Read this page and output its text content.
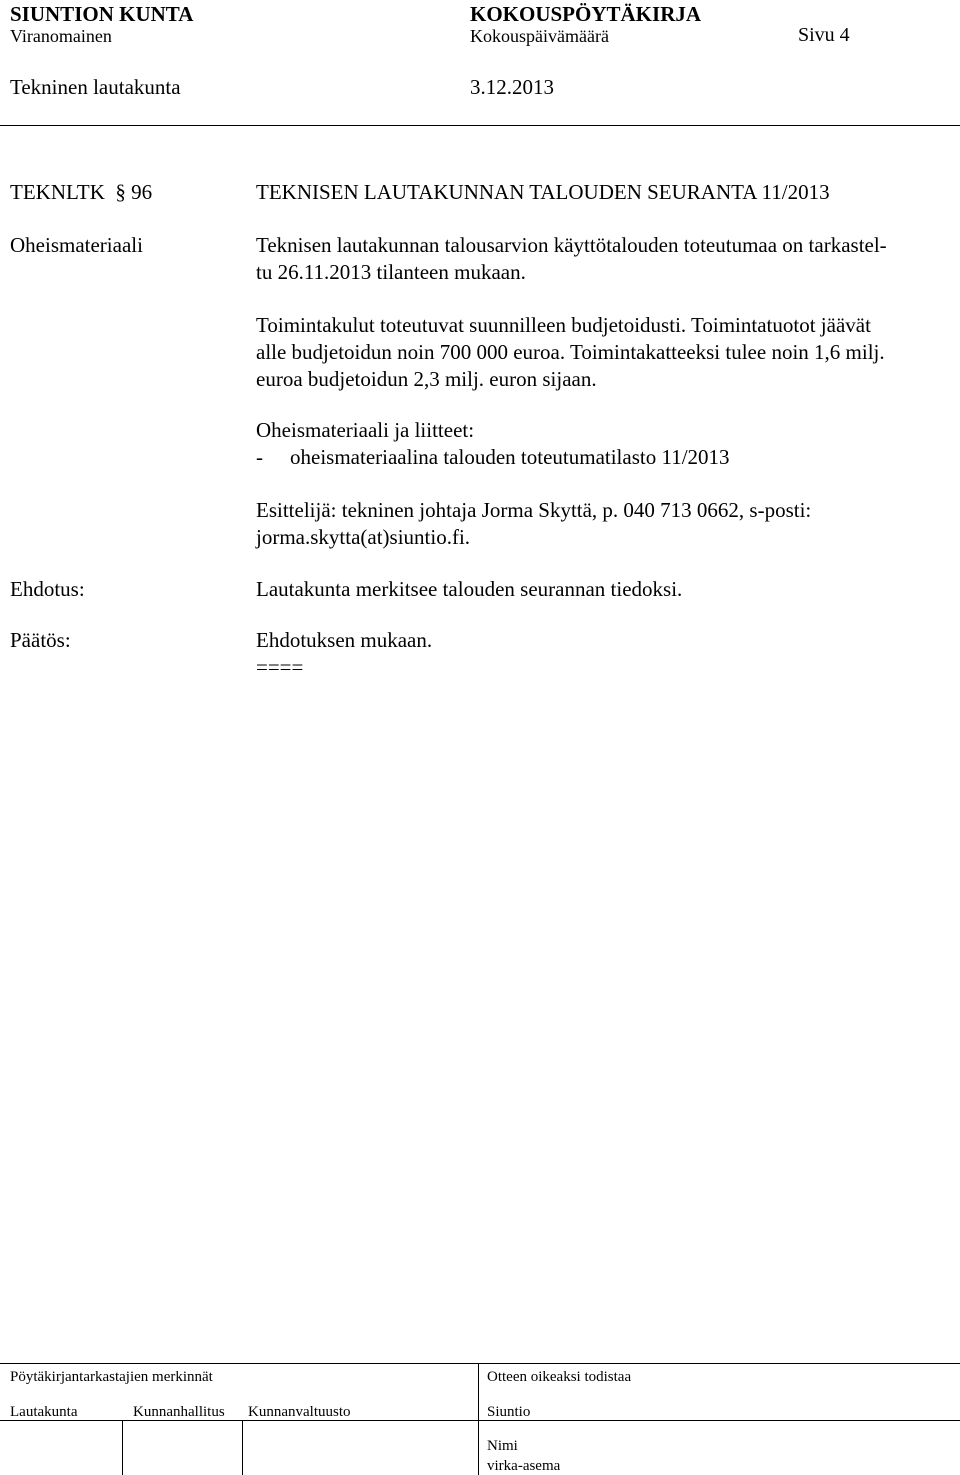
SIUNTION KUNTA	KOKOUSPÖYTÄKIRJA
Viranomainen	Kokouspäivämäärä	Sivu 4
Tekninen lautakunta	3.12.2013
TEKNLTK  § 96	TEKNISEN LAUTAKUNNAN TALOUDEN SEURANTA 11/2013
Oheismateriaali	Teknisen lautakunnan talousarvion käyttötalouden toteutumaa on tarkastel-
tu 26.11.2013 tilanteen mukaan.
Toimintakulut toteutuvat suunnilleen budjetoidusti. Toimintatuotot jäävät
alle budjetoidun noin 700 000 euroa. Toimintakatteeksi tulee noin 1,6 milj.
euroa budjetoidun 2,3 milj. euron sijaan.
Oheismateriaali ja liitteet:
- oheismateriaalina talouden toteutumatilasto 11/2013
Esittelijä: tekninen johtaja Jorma Skyttä, p. 040 713 0662, s-posti:
jorma.skytta(at)siuntio.fi.
Ehdotus:	Lautakunta merkitsee talouden seurannan tiedoksi.
Päätös:	Ehdotuksen mukaan.
====
Pöytäkirjantarkastajien merkinnät	Otteen oikeaksi todistaa
Lautakunta	Kunnanhallitus Kunnanvaltuusto	Siuntio
Nimi
virka-asema
